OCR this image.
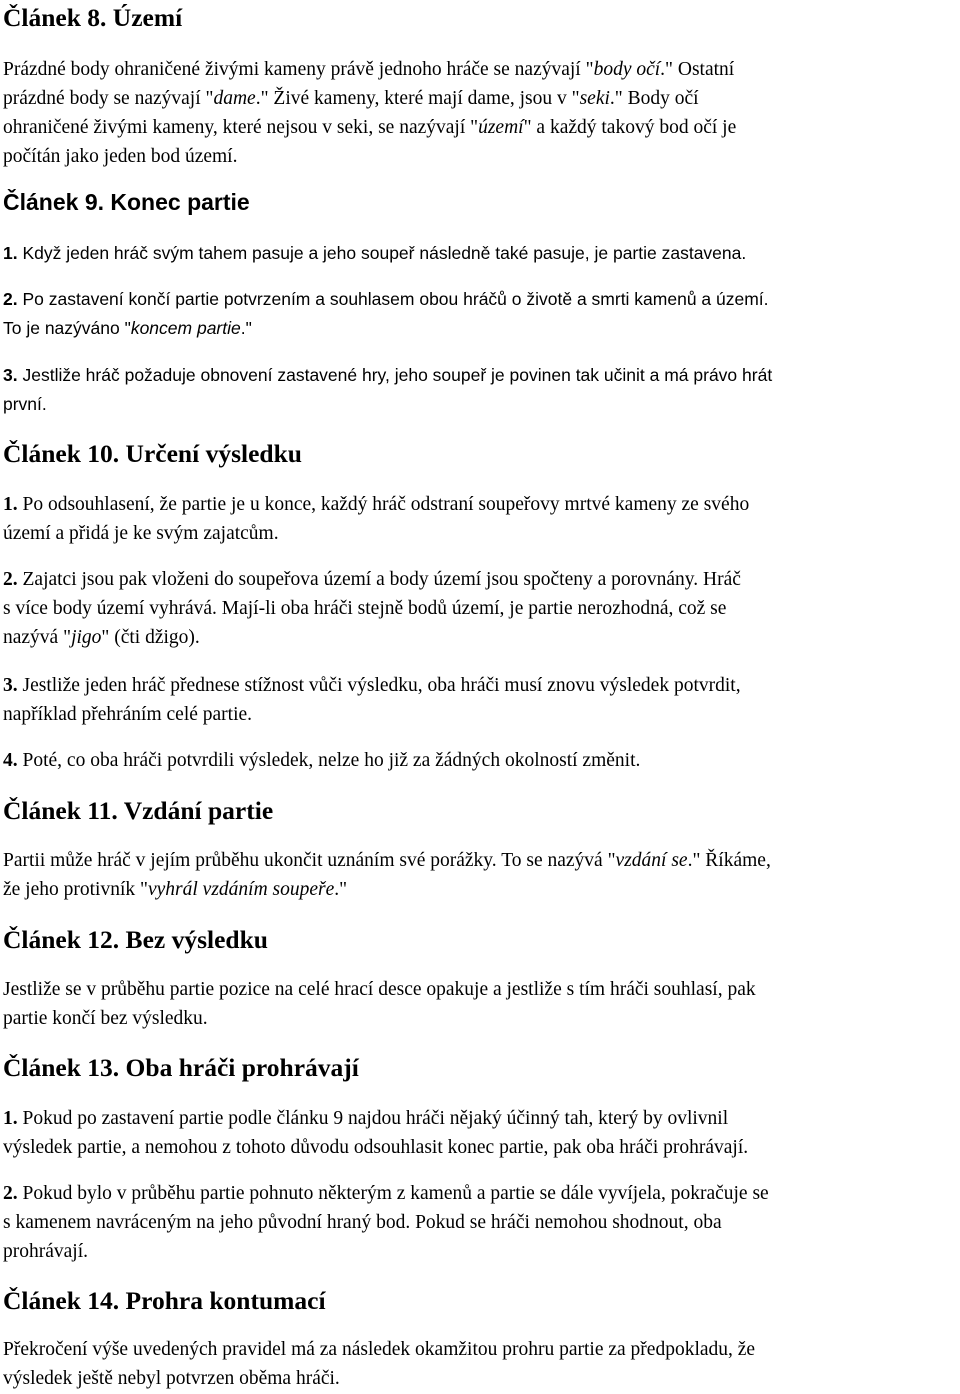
Článek 8. Území

Prázdné body ohraničené živými kameny právě jednoho hráče se nazývají "body očí." Ostatní
prázdné body se nazývají "dame." Živé kameny, které mají dame, jsou v "seki." Body očí
ohraničené živými kameny, které nejsou v seki, se nazývají "území" a každý takový bod očí je
počítán jako jeden bod území.

Článek 9. Konec partie

1. Když jeden hráč svým tahem pasuje a jeho soupeř následně také pasuje, je partie zastavena.

2. Po zastavení končí partie potvrzením a souhlasem obou hráčů o životě a smrti kamenů a území.
To je nazýváno "koncem partie."

3. Jestliže hráč požaduje obnovení zastavené hry, jeho soupeř je povinen tak učinit a má právo hrát
první.

Článek 10. Určení výsledku

1. Po odsouhlasení, že partie je u konce, každý hráč odstraní soupeřovy mrtvé kameny ze svého
území a přidá je ke svým zajatcům.

2. Zajatci jsou pak vloženi do soupeřova území a body území jsou spočteny a porovnány. Hráč
s více body území vyhrává. Mají-li oba hráči stejně bodů území, je partie nerozhodná, což se
nazývá "jigo" (čti džigo).

3. Jestliže jeden hráč přednese stížnost vůči výsledku, oba hráči musí znovu výsledek potvrdit,
například přehráním celé partie.

4. Poté, co oba hráči potvrdili výsledek, nelze ho již za žádných okolností změnit.

Článek 11. Vzdání partie

Partii může hráč v jejím průběhu ukončit uznáním své porážky. To se nazývá "vzdání se." Říkáme,
že jeho protivník "vyhrál vzdáním soupeře."

Článek 12. Bez výsledku

Jestliže se v průběhu partie pozice na celé hrací desce opakuje a jestliže s tím hráči souhlasí, pak
partie končí bez výsledku.

Článek 13. Oba hráči prohrávají

1. Pokud po zastavení partie podle článku 9 najdou hráči nějaký účinný tah, který by ovlivnil
výsledek partie, a nemohou z tohoto důvodu odsouhlasit konec partie, pak oba hráči prohrávají.

2. Pokud bylo v průběhu partie pohnuto některým z kamenů a partie se dále vyvíjela, pokračuje se
s kamenem navráceným na jeho původní hraný bod. Pokud se hráči nemohou shodnout, oba
prohrávají.

Článek 14. Prohra kontumací

Překročení výše uvedených pravidel má za následek okamžitou prohru partie za předpokladu, že
výsledek ještě nebyl potvrzen oběma hráči.
